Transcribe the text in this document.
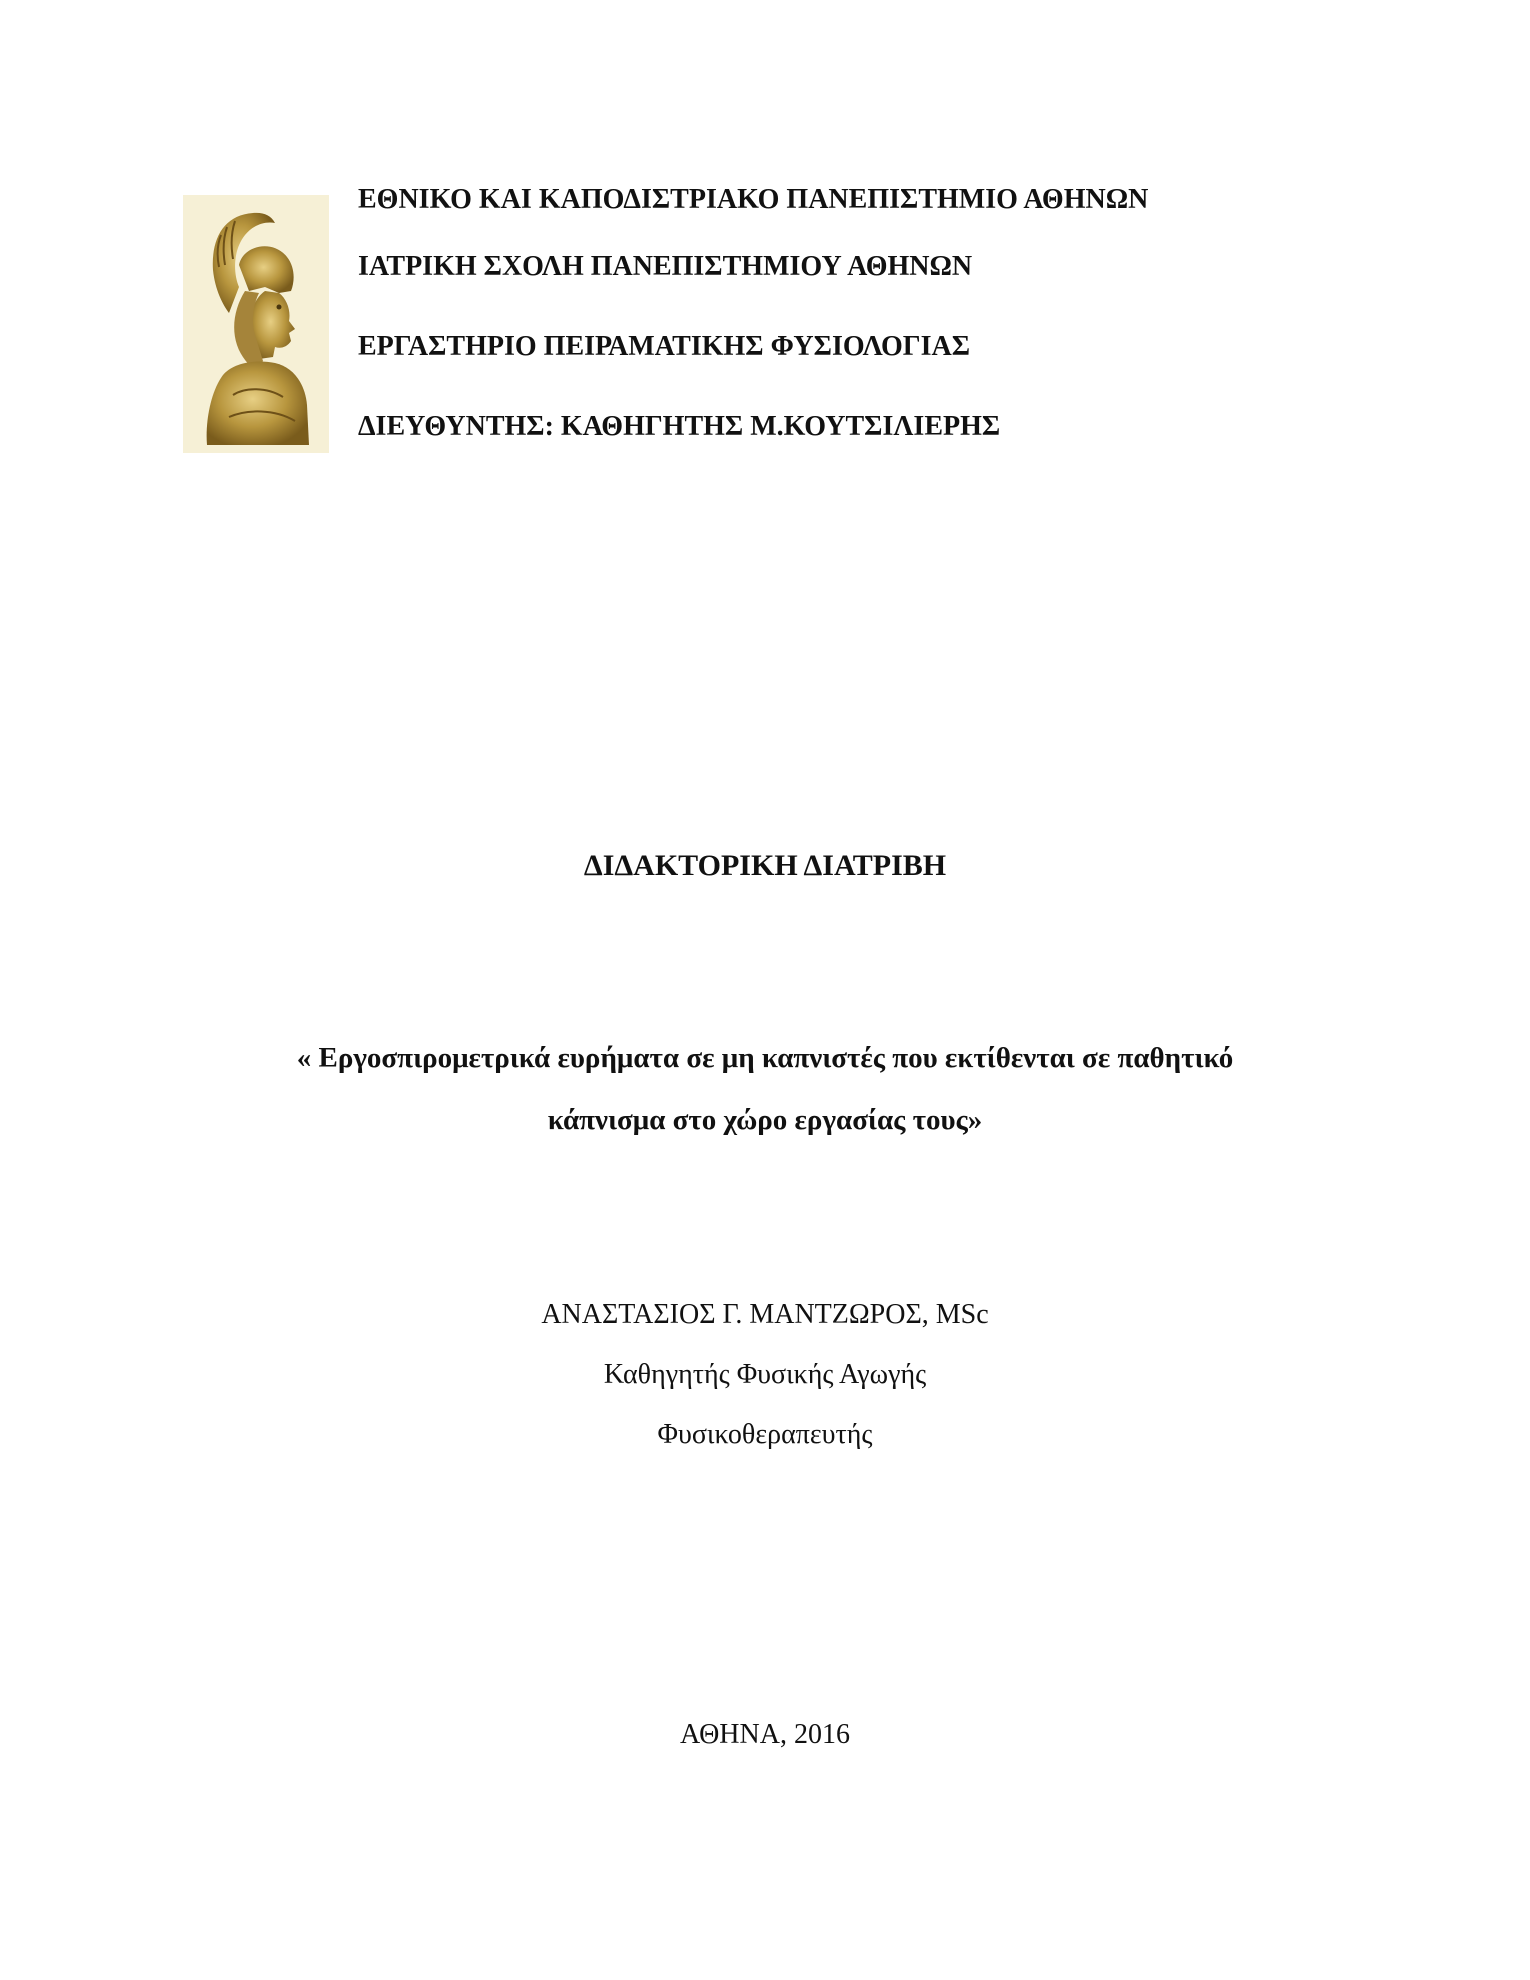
ΕΘΝΙΚΟ ΚΑΙ ΚΑΠΟΔΙΣΤΡΙΑΚΟ ΠΑΝΕΠΙΣΤΗΜΙΟ ΑΘΗΝΩΝ

ΙΑΤΡΙΚΗ ΣΧΟΛΗ ΠΑΝΕΠΙΣΤΗΜΙΟΥ ΑΘΗΝΩΝ

ΕΡΓΑΣΤΗΡΙΟ ΠΕΙΡΑΜΑΤΙΚΗΣ ΦΥΣΙΟΛΟΓΙΑΣ

ΔΙΕΥΘΥΝΤΗΣ: ΚΑΘΗΓΗΤΗΣ Μ.ΚΟΥΤΣΙΛΙΕΡΗΣ

ΔΙΔΑΚΤΟΡΙΚΗ ΔΙΑΤΡΙΒΗ
« Εργοσπιρομετρικά ευρήματα σε μη καπνιστές που εκτίθενται σε παθητικό
κάπνισμα στο χώρο εργασίας τους»
ΑΝΑΣΤΑΣΙΟΣ Γ. ΜΑΝΤΖΩΡΟΣ, MSc
Καθηγητής Φυσικής Αγωγής
Φυσικοθεραπευτής
ΑΘΗΝΑ, 2016
